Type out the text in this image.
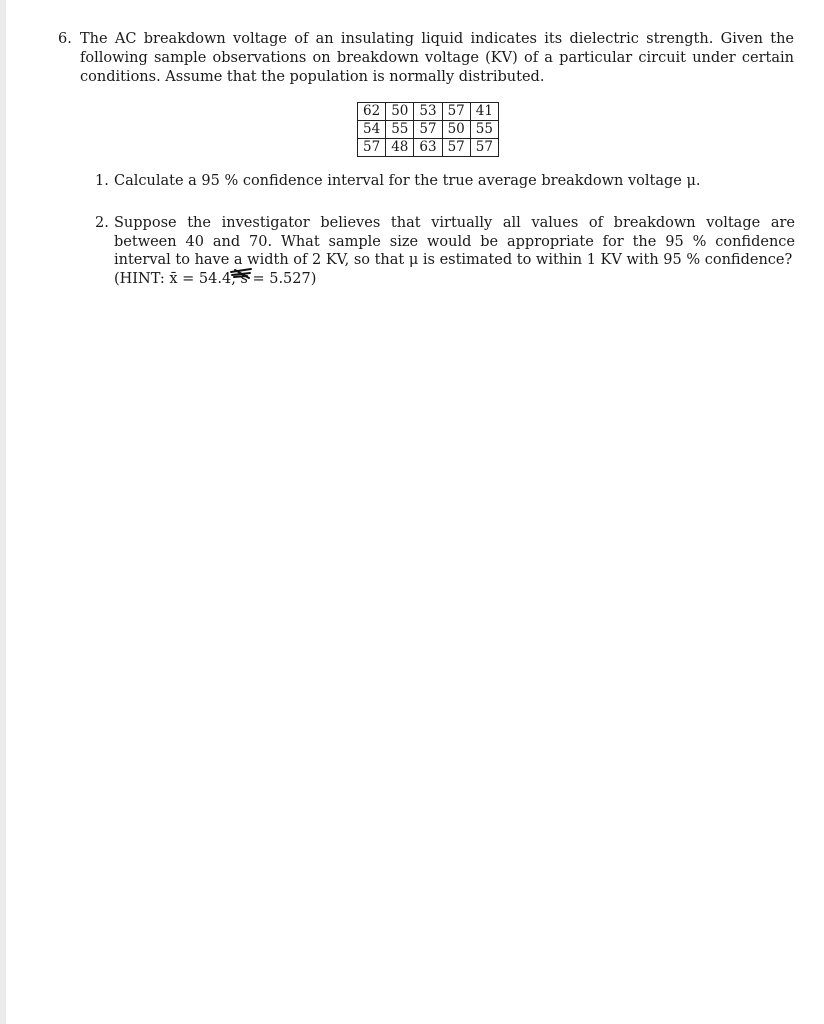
6. The AC breakdown voltage of an insulating liquid indicates its dielectric strength. Given the following sample observations on breakdown voltage (KV) of a particular circuit under certain conditions. Assume that the population is normally distributed.
62	50	53	57	41
54	55	57	50	55
57	48	63	57	57
1. Calculate a 95 % confidence interval for the true average breakdown voltage μ.
2. Suppose the investigator believes that virtually all values of breakdown voltage are between 40 and 70. What sample size would be appropriate for the 95 % confidence interval to have a width of 2 KV, so that μ is estimated to within 1 KV with 95 % confidence?
(HINT: x̄ = 54.4, s = 5.527)
